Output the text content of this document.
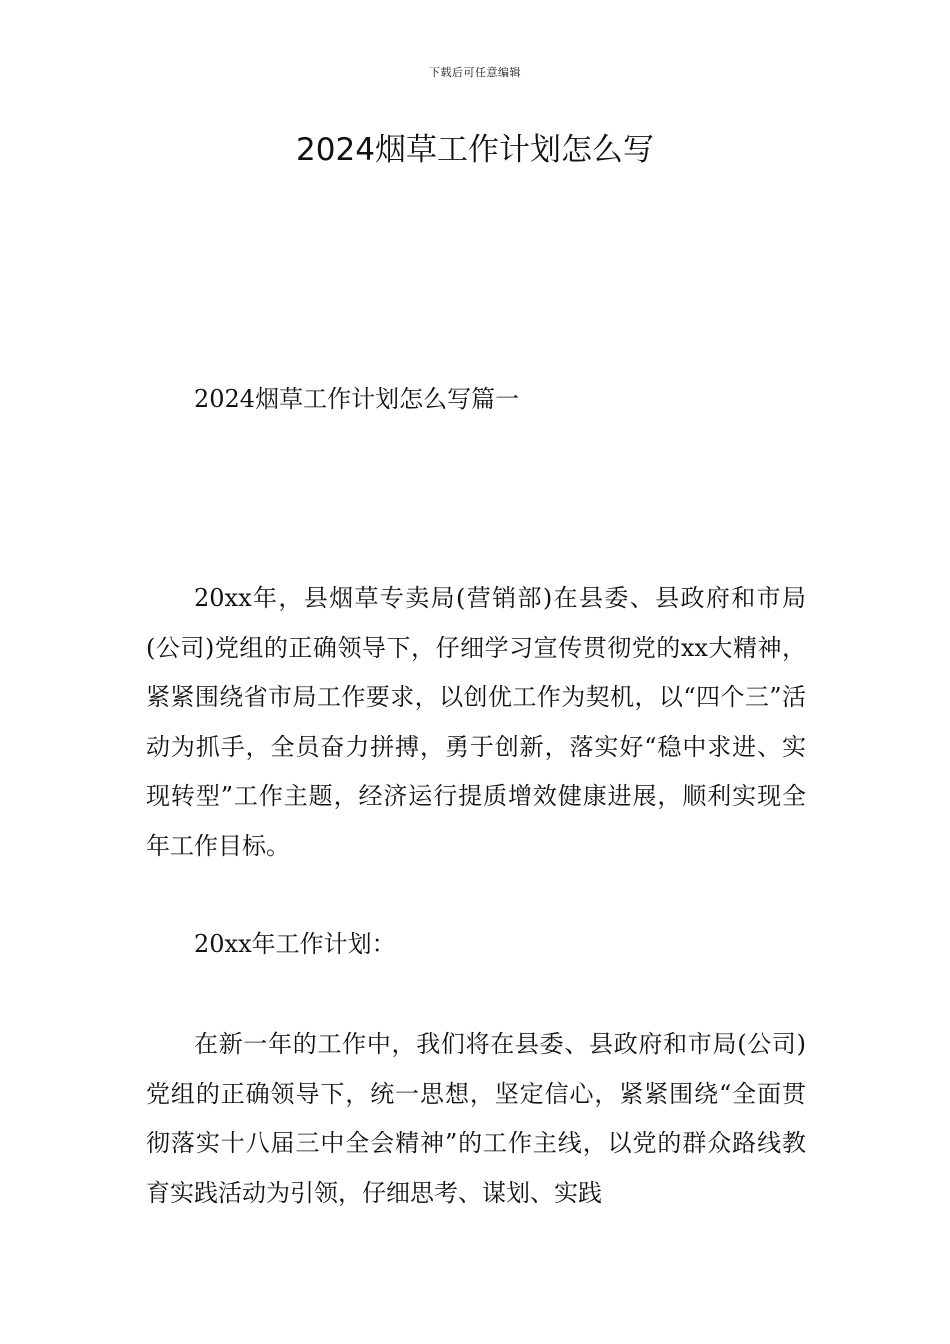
下载后可任意编辑
2024烟草工作计划怎么写

2024烟草工作计划怎么写篇一

20xx年，县烟草专卖局(营销部)在县委、县政府和市局(公司)党组的正确领导下，仔细学习宣传贯彻党的xx大精神，紧紧围绕省市局工作要求，以创优工作为契机，以“四个三”活动为抓手，全员奋力拼搏，勇于创新，落实好“稳中求进、实现转型”工作主题，经济运行提质增效健康进展，顺利实现全年工作目标。

20xx年工作计划：

在新一年的工作中，我们将在县委、县政府和市局(公司)党组的正确领导下，统一思想，坚定信心，紧紧围绕“全面贯彻落实十八届三中全会精神”的工作主线，以党的群众路线教育实践活动为引领，仔细思考、谋划、实践
